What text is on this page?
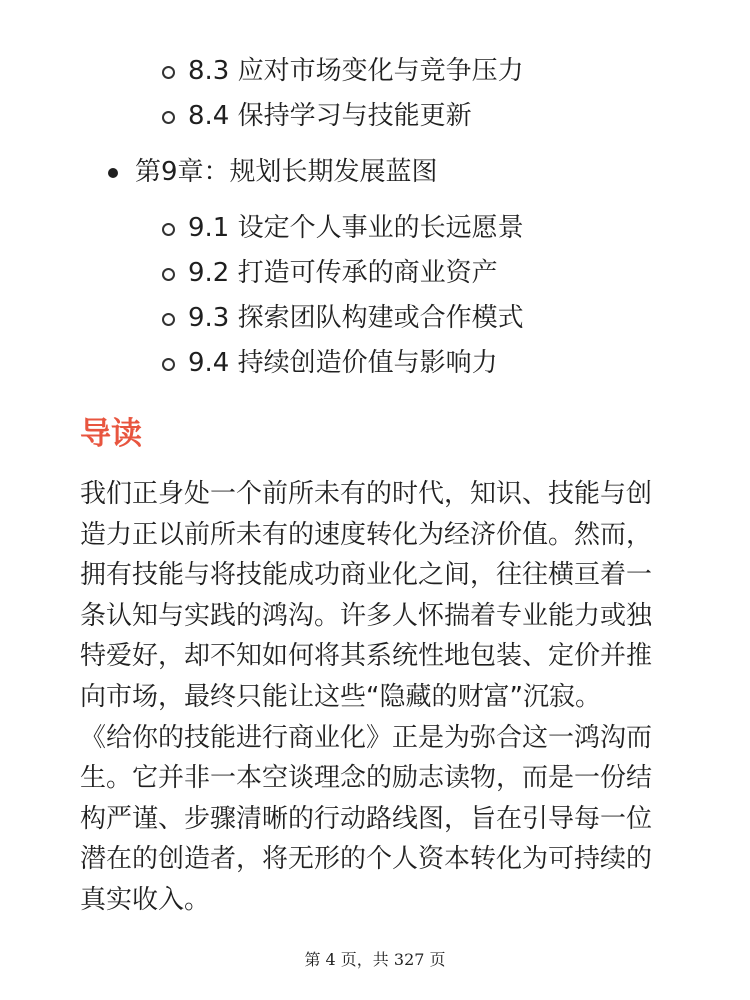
8.3 应对市场变化与竞争压力
8.4 保持学习与技能更新
第9章：规划长期发展蓝图
9.1 设定个人事业的长远愿景
9.2 打造可传承的商业资产
9.3 探索团队构建或合作模式
9.4 持续创造价值与影响力
导读

我们正身处一个前所未有的时代，知识、技能与创
造力正以前所未有的速度转化为经济价值。然而，
拥有技能与将技能成功商业化之间，往往横亘着一
条认知与实践的鸿沟。许多人怀揣着专业能力或独
特爱好，却不知如何将其系统性地包装、定价并推
向市场，最终只能让这些“隐藏的财富”沉寂。
《给你的技能进行商业化》正是为弥合这一鸿沟而
生。它并非一本空谈理念的励志读物，而是一份结
构严谨、步骤清晰的行动路线图，旨在引导每一位
潜在的创造者，将无形的个人资本转化为可持续的
真实收入。

第 4 页，共 327 页
